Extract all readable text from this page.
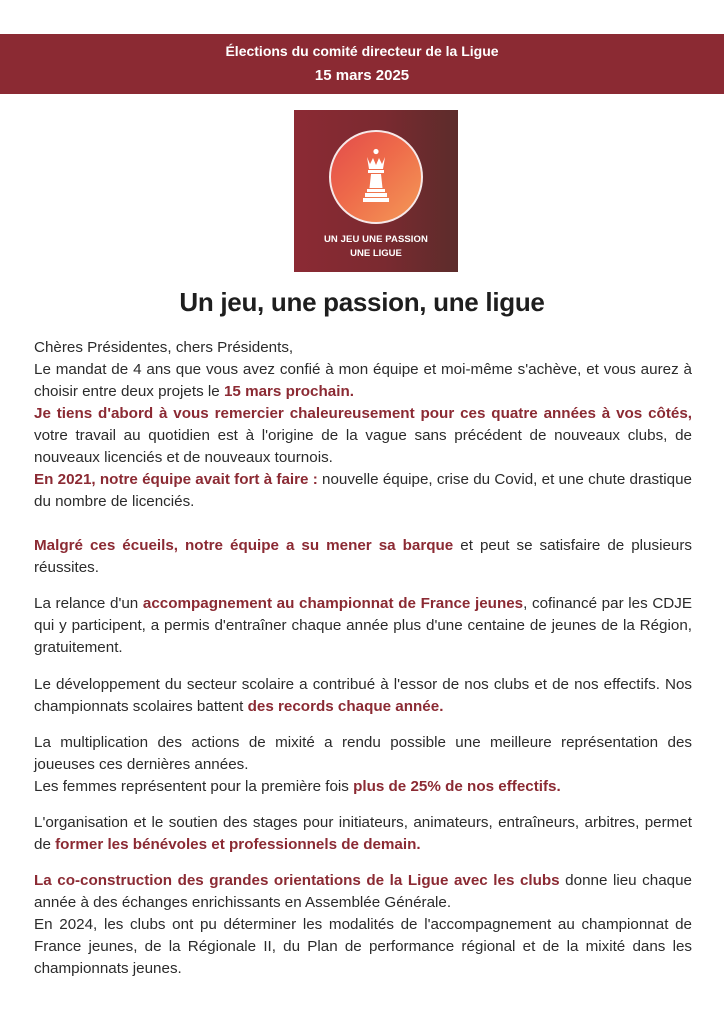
Élections du comité directeur de la Ligue
15 mars 2025
UN JEU UNE PASSION
UNE LIGUE
Un jeu, une passion, une ligue

Chères Présidentes, chers Présidents,

Le mandat de 4 ans que vous avez confié à mon équipe et moi-même s'achève, et vous aurez à choisir entre deux projets le 15 mars prochain.

Je tiens d'abord à vous remercier chaleureusement pour ces quatre années à vos côtés, votre travail au quotidien est à l'origine de la vague sans précédent de nouveaux clubs, de nouveaux licenciés et de nouveaux tournois.

En 2021, notre équipe avait fort à faire : nouvelle équipe, crise du Covid, et une chute drastique du nombre de licenciés.

Malgré ces écueils, notre équipe a su mener sa barque et peut se satisfaire de plusieurs réussites.

La relance d'un accompagnement au championnat de France jeunes, cofinancé par les CDJE qui y participent, a permis d'entraîner chaque année plus d'une centaine de jeunes de la Région, gratuitement.

Le développement du secteur scolaire a contribué à l'essor de nos clubs et de nos effectifs. Nos championnats scolaires battent des records chaque année.

La multiplication des actions de mixité a rendu possible une meilleure représentation des joueuses ces dernières années.

Les femmes représentent pour la première fois plus de 25% de nos effectifs.

L'organisation et le soutien des stages pour initiateurs, animateurs, entraîneurs, arbitres, permet de former les bénévoles et professionnels de demain.

La co-construction des grandes orientations de la Ligue avec les clubs donne lieu chaque année à des échanges enrichissants en Assemblée Générale.

En 2024, les clubs ont pu déterminer les modalités de l'accompagnement au championnat de France jeunes, de la Régionale II, du Plan de performance régional et de la mixité dans les championnats jeunes.
